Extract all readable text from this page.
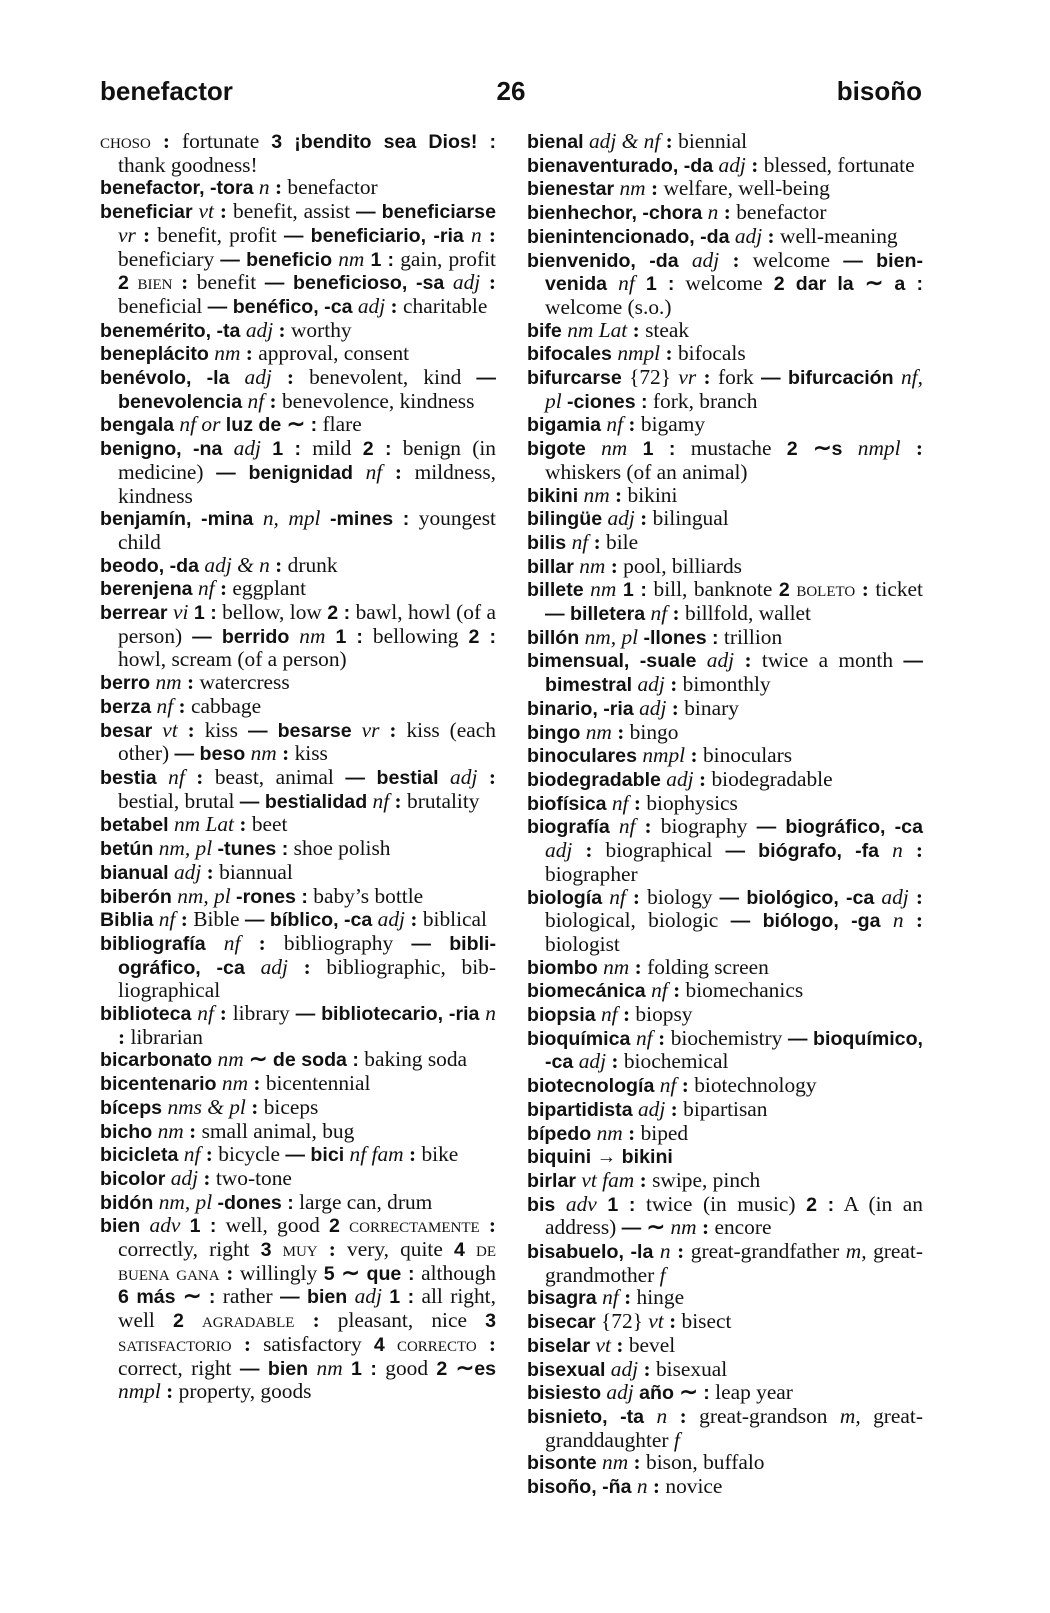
benefactor	26	bisoño

choso : fortunate 3 ¡bendito sea Dios! : thank goodness!

benefactor, -tora n : benefactor

beneficiar vt : benefit, assist — beneficiarse vr : benefit, profit — beneficiario, -ria n : beneficiary — beneficio nm 1 : gain, profit 2 bien : benefit — beneficioso, -sa adj : beneficial — benéfico, -ca adj : charitable

benemérito, -ta adj : worthy

beneplácito nm : approval, consent

benévolo, -la adj : benevolent, kind — benevolencia nf : benevolence, kindness

bengala nf or luz de ∼ : flare

benigno, -na adj 1 : mild 2 : benign (in medicine) — benignidad nf : mildness, kindness

benjamín, -mina n, mpl -mines : youngest child

beodo, -da adj & n : drunk

berenjena nf : eggplant

berrear vi 1 : bellow, low 2 : bawl, howl (of a person) — berrido nm 1 : bellowing 2 : howl, scream (of a person)

berro nm : watercress

berza nf : cabbage

besar vt : kiss — besarse vr : kiss (each other) — beso nm : kiss

bestia nf : beast, animal — bestial adj : bestial, brutal — bestialidad nf : brutality

betabel nm Lat : beet

betún nm, pl -tunes : shoe polish

bianual adj : biannual

biberón nm, pl -rones : baby’s bottle

Biblia nf : Bible — bíblico, -ca adj : biblical

bibliografía nf : bibliography — bibliográfico, -ca adj : bibliographic, bibliographical

biblioteca nf : library — bibliotecario, -ria n : librarian

bicarbonato nm ∼ de soda : baking soda

bicentenario nm : bicentennial

bíceps nms & pl : biceps

bicho nm : small animal, bug

bicicleta nf : bicycle — bici nf fam : bike

bicolor adj : two-tone

bidón nm, pl -dones : large can, drum

bien adv 1 : well, good 2 correctamente : correctly, right 3 muy : very, quite 4 de buena gana : willingly 5 ∼ que : although 6 más ∼ : rather — bien adj 1 : all right, well 2 agradable : pleasant, nice 3 satisfactorio : satisfactory 4 correcto : correct, right — bien nm 1 : good 2 ∼es nmpl : property, goods

bienal adj & nf : biennial

bienaventurado, -da adj : blessed, fortunate

bienestar nm : welfare, well-being

bienhechor, -chora n : benefactor

bienintencionado, -da adj : well-meaning

bienvenido, -da adj : welcome — bienvenida nf 1 : welcome 2 dar la ∼ a : welcome (s.o.)

bife nm Lat : steak

bifocales nmpl : bifocals

bifurcarse {72} vr : fork — bifurcación nf, pl -ciones : fork, branch

bigamia nf : bigamy

bigote nm 1 : mustache 2 ∼s nmpl : whiskers (of an animal)

bikini nm : bikini

bilingüe adj : bilingual

bilis nf : bile

billar nm : pool, billiards

billete nm 1 : bill, banknote 2 boleto : ticket — billetera nf : billfold, wallet

billón nm, pl -llones : trillion

bimensual, -suale adj : twice a month — bimestral adj : bimonthly

binario, -ria adj : binary

bingo nm : bingo

binoculares nmpl : binoculars

biodegradable adj : biodegradable

biofísica nf : biophysics

biografía nf : biography — biográfico, -ca adj : biographical — biógrafo, -fa n : biographer

biología nf : biology — biológico, -ca adj : biological, biologic — biólogo, -ga n : biologist

biombo nm : folding screen

biomecánica nf : biomechanics

biopsia nf : biopsy

bioquímica nf : biochemistry — bioquímico, -ca adj : biochemical

biotecnología nf : biotechnology

bipartidista adj : bipartisan

bípedo nm : biped

biquini → bikini

birlar vt fam : swipe, pinch

bis adv 1 : twice (in music) 2 : A (in an address) — ∼ nm : encore

bisabuelo, -la n : great-grandfather m, great-grandmother f

bisagra nf : hinge

bisecar {72} vt : bisect

biselar vt : bevel

bisexual adj : bisexual

bisiesto adj año ∼ : leap year

bisnieto, -ta n : great-grandson m, great-granddaughter f

bisonte nm : bison, buffalo

bisoño, -ña n : novice
